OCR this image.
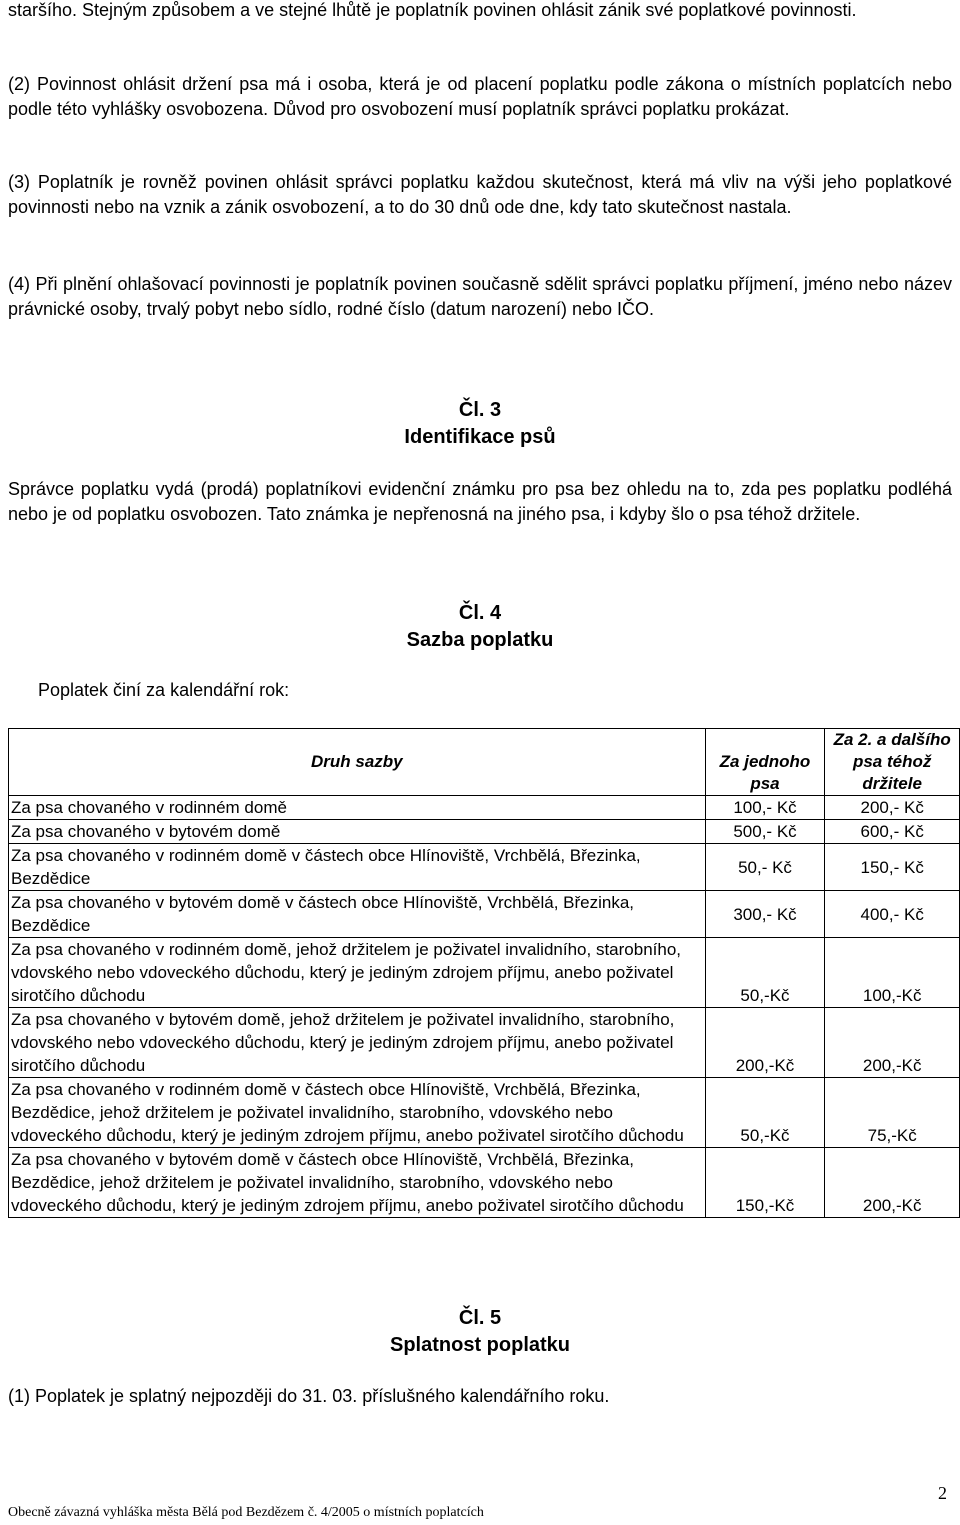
staršího. Stejným způsobem a ve stejné lhůtě je poplatník povinen ohlásit zánik své poplatkové povinnosti.

(2) Povinnost ohlásit držení psa má i osoba, která je od placení poplatku podle zákona o místních poplatcích nebo podle této vyhlášky osvobozena. Důvod pro osvobození musí poplatník správci poplatku prokázat.

(3) Poplatník je rovněž povinen ohlásit správci poplatku každou skutečnost, která má vliv na výši jeho poplatkové povinnosti nebo na vznik a zánik osvobození, a to do 30 dnů ode dne, kdy tato skutečnost nastala.

(4) Při plnění ohlašovací povinnosti je poplatník povinen současně sdělit správci poplatku příjmení, jméno nebo název právnické osoby, trvalý pobyt nebo sídlo, rodné číslo (datum narození) nebo IČO.

Čl. 3
Identifikace psů

Správce poplatku vydá (prodá) poplatníkovi evidenční známku pro psa bez ohledu na to, zda pes poplatku podléhá nebo je od poplatku osvobozen. Tato známka je nepřenosná na jiného psa, i kdyby šlo o psa téhož držitele.

Čl. 4
Sazba poplatku

Poplatek činí za kalendářní rok:

Druh sazby	Za jednoho psa	Za 2. a dalšího psa téhož držitele
Za psa chovaného v rodinném domě	100,- Kč	200,- Kč
Za psa chovaného v bytovém domě	500,- Kč	600,- Kč
Za psa chovaného v rodinném domě v částech obce Hlínoviště, Vrchbělá, Březinka, Bezdědice	50,- Kč	150,- Kč
Za psa chovaného v bytovém domě v částech obce Hlínoviště, Vrchbělá, Březinka, Bezdědice	300,- Kč	400,- Kč
Za psa chovaného v rodinném domě, jehož držitelem je poživatel invalidního, starobního, vdovského nebo vdoveckého důchodu, který je jediným zdrojem příjmu, anebo poživatel sirotčího důchodu	50,-Kč	100,-Kč
Za psa chovaného v bytovém domě, jehož držitelem je poživatel invalidního, starobního, vdovského nebo vdoveckého důchodu, který je jediným zdrojem příjmu, anebo poživatel sirotčího důchodu	200,-Kč	200,-Kč
Za psa chovaného v rodinném domě v částech obce Hlínoviště, Vrchbělá, Březinka, Bezdědice, jehož držitelem je poživatel invalidního, starobního, vdovského nebo vdoveckého důchodu, který je jediným zdrojem příjmu, anebo poživatel sirotčího důchodu	50,-Kč	75,-Kč
Za psa chovaného v bytovém domě v částech obce Hlínoviště, Vrchbělá, Březinka, Bezdědice, jehož držitelem je poživatel invalidního, starobního, vdovského nebo vdoveckého důchodu, který je jediným zdrojem příjmu, anebo poživatel sirotčího důchodu	150,-Kč	200,-Kč
Čl. 5
Splatnost poplatku

(1) Poplatek je splatný nejpozději do 31. 03. příslušného kalendářního roku.

2
Obecně závazná vyhláška města Bělá pod Bezdězem č. 4/2005 o místních poplatcích
